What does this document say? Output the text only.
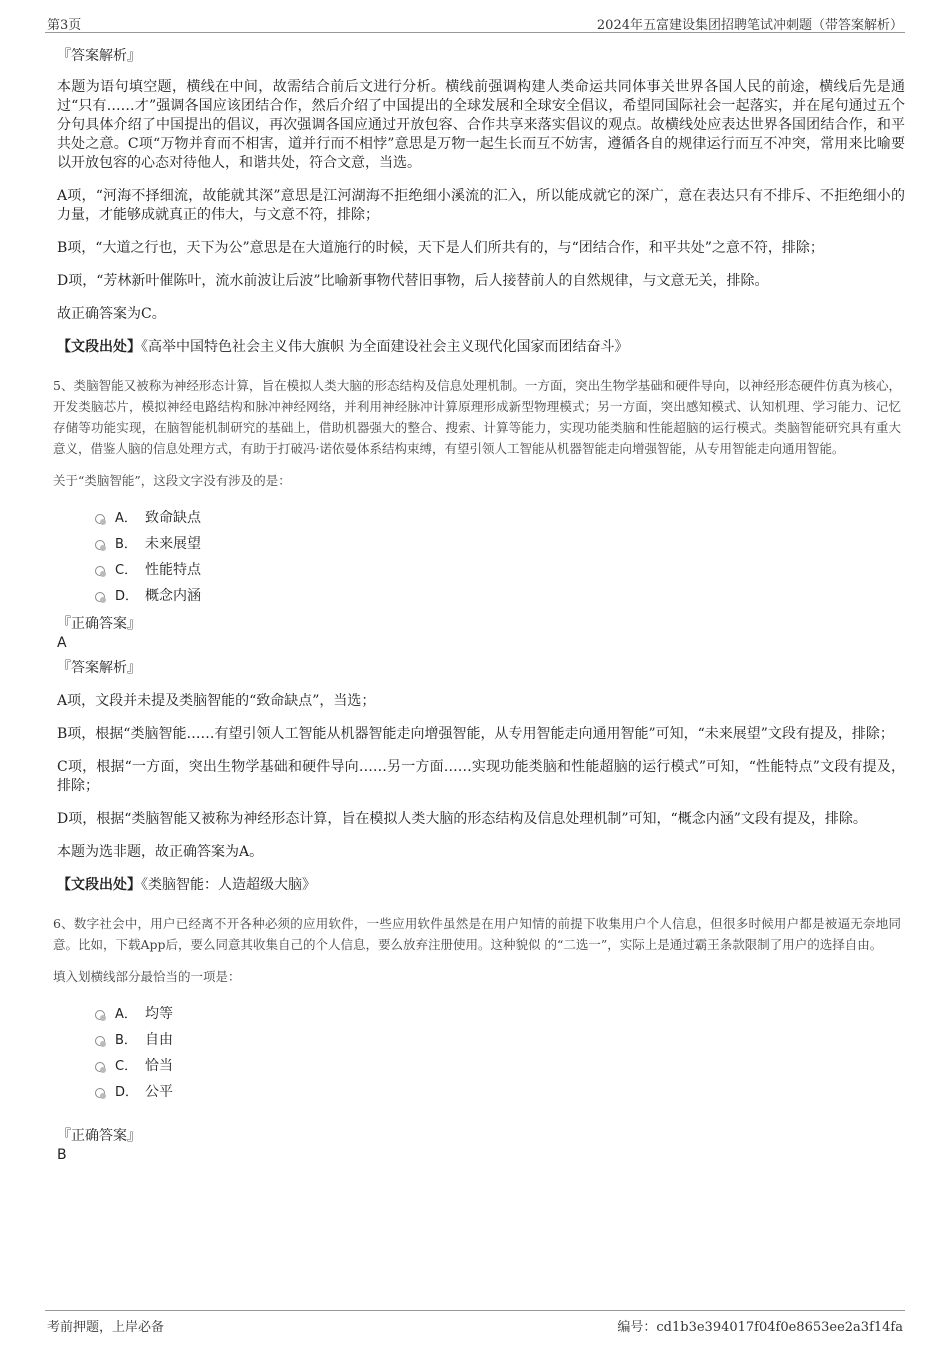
第3页	2024年五富建设集团招聘笔试冲刺题（带答案解析）

『答案解析』

本题为语句填空题，横线在中间，故需结合前后文进行分析。横线前强调构建人类命运共同体事关世界各国人民的前途，横线后先是通过“只有……才”强调各国应该团结合作，然后介绍了中国提出的全球发展和全球安全倡议，希望同国际社会一起落实，并在尾句通过五个分句具体介绍了中国提出的倡议，再次强调各国应通过开放包容、合作共享来落实倡议的观点。故横线处应表达世界各国团结合作，和平共处之意。C项“万物并育而不相害，道并行而不相悖”意思是万物一起生长而互不妨害，遵循各自的规律运行而互不冲突，常用来比喻要以开放包容的心态对待他人，和谐共处，符合文意，当选。

A项，“河海不择细流，故能就其深”意思是江河湖海不拒绝细小溪流的汇入，所以能成就它的深广，意在表达只有不排斥、不拒绝细小的力量，才能够成就真正的伟大，与文意不符，排除；

B项，“大道之行也，天下为公”意思是在大道施行的时候，天下是人们所共有的，与“团结合作，和平共处”之意不符，排除；

D项，“芳林新叶催陈叶，流水前波让后波”比喻新事物代替旧事物，后人接替前人的自然规律，与文意无关，排除。

故正确答案为C。

【文段出处】《高举中国特色社会主义伟大旗帜 为全面建设社会主义现代化国家而团结奋斗》

5、类脑智能又被称为神经形态计算，旨在模拟人类大脑的形态结构及信息处理机制。一方面，突出生物学基础和硬件导向，以神经形态硬件仿真为核心，开发类脑芯片，模拟神经电路结构和脉冲神经网络，并利用神经脉冲计算原理形成新型物理模式；另一方面，突出感知模式、认知机理、学习能力、记忆存储等功能实现，在脑智能机制研究的基础上，借助机器强大的整合、搜索、计算等能力，实现功能类脑和性能超脑的运行模式。类脑智能研究具有重大意义，借鉴人脑的信息处理方式，有助于打破冯·诺依曼体系结构束缚，有望引领人工智能从机器智能走向增强智能，从专用智能走向通用智能。

关于“类脑智能”，这段文字没有涉及的是：

A． 致命缺点
B． 未来展望
C． 性能特点
D． 概念内涵

『正确答案』

A

『答案解析』

A项，文段并未提及类脑智能的“致命缺点”，当选；

B项，根据“类脑智能……有望引领人工智能从机器智能走向增强智能，从专用智能走向通用智能”可知，“未来展望”文段有提及，排除；

C项，根据“一方面，突出生物学基础和硬件导向……另一方面……实现功能类脑和性能超脑的运行模式”可知，“性能特点”文段有提及，排除；

D项，根据“类脑智能又被称为神经形态计算，旨在模拟人类大脑的形态结构及信息处理机制”可知，“概念内涵”文段有提及，排除。

本题为选非题，故正确答案为A。

【文段出处】《类脑智能：人造超级大脑》

6、数字社会中，用户已经离不开各种必须的应用软件，一些应用软件虽然是在用户知情的前提下收集用户个人信息，但很多时候用户都是被逼无奈地同意。比如，下载App后，要么同意其收集自己的个人信息，要么放弃注册使用。这种貌似 的“二选一”，实际上是通过霸王条款限制了用户的选择自由。

填入划横线部分最恰当的一项是：

A． 均等
B． 自由
C． 恰当
D． 公平

『正确答案』

B

考前押题，上岸必备	编号：cd1b3e394017f04f0e8653ee2a3f14fa
